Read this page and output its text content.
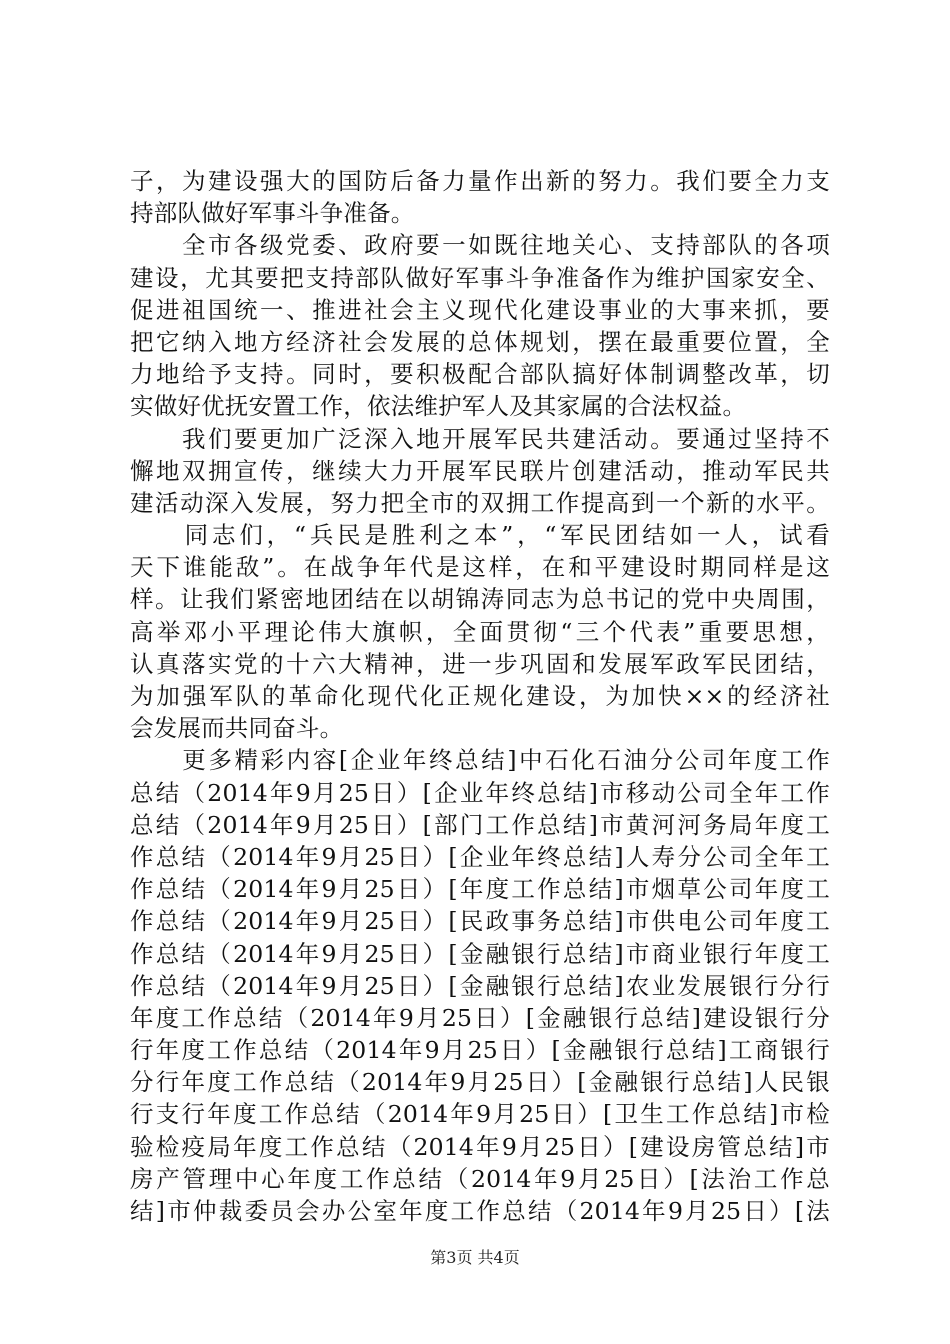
子，为建设强大的国防后备力量作出新的努力。我们要全力支
持部队做好军事斗争准备。
　　全市各级党委、政府要一如既往地关心、支持部队的各项
建设，尤其要把支持部队做好军事斗争准备作为维护国家安全、
促进祖国统一、推进社会主义现代化建设事业的大事来抓，要
把它纳入地方经济社会发展的总体规划，摆在最重要位置，全
力地给予支持。同时，要积极配合部队搞好体制调整改革，切
实做好优抚安置工作，依法维护军人及其家属的合法权益。
　　我们要更加广泛深入地开展军民共建活动。要通过坚持不
懈地双拥宣传，继续大力开展军民联片创建活动，推动军民共
建活动深入发展，努力把全市的双拥工作提高到一个新的水平。
　　同志们，“兵民是胜利之本”，“军民团结如一人，试看
天下谁能敌”。在战争年代是这样，在和平建设时期同样是这
样。让我们紧密地团结在以胡锦涛同志为总书记的党中央周围，
高举邓小平理论伟大旗帜，全面贯彻“三个代表”重要思想，
认真落实党的十六大精神，进一步巩固和发展军政军民团结，
为加强军队的革命化现代化正规化建设，为加快××的经济社
会发展而共同奋斗。
　　更多精彩内容[企业年终总结]中石化石油分公司年度工作
总结（2014年9月25日）[企业年终总结]市移动公司全年工作
总结（2014年9月25日）[部门工作总结]市黄河河务局年度工
作总结（2014年9月25日）[企业年终总结]人寿分公司全年工
作总结（2014年9月25日）[年度工作总结]市烟草公司年度工
作总结（2014年9月25日）[民政事务总结]市供电公司年度工
作总结（2014年9月25日）[金融银行总结]市商业银行年度工
作总结（2014年9月25日）[金融银行总结]农业发展银行分行
年度工作总结（2014年9月25日）[金融银行总结]建设银行分
行年度工作总结（2014年9月25日）[金融银行总结]工商银行
分行年度工作总结（2014年9月25日）[金融银行总结]人民银
行支行年度工作总结（2014年9月25日）[卫生工作总结]市检
验检疫局年度工作总结（2014年9月25日）[建设房管总结]市
房产管理中心年度工作总结（2014年9月25日）[法治工作总
结]市仲裁委员会办公室年度工作总结（2014年9月25日）[法
第3页 共4页
